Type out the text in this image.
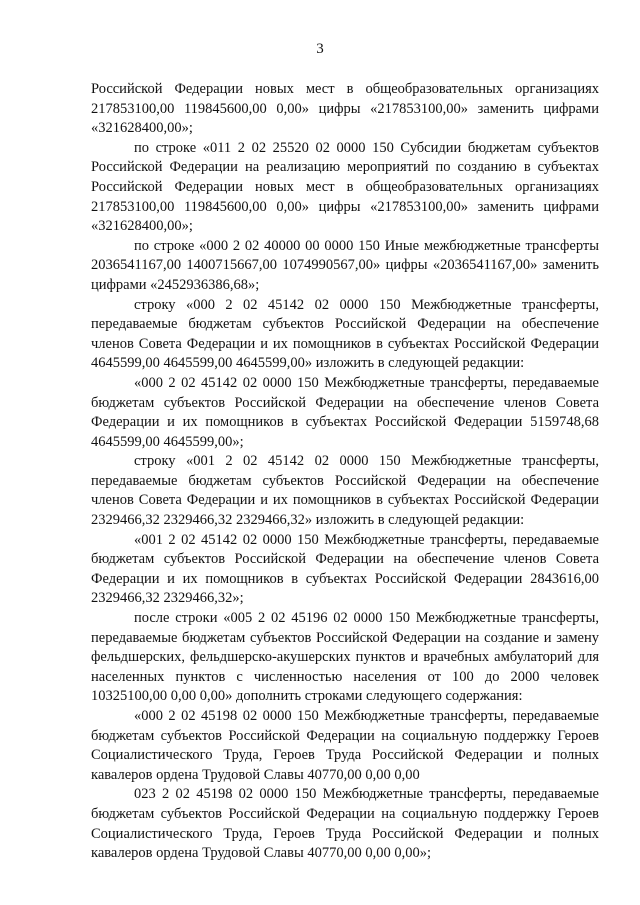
3

Российской Федерации новых мест в общеобразовательных организациях 217853100,00 119845600,00 0,00» цифры «217853100,00» заменить цифрами «321628400,00»;

по строке «011 2 02 25520 02 0000 150 Субсидии бюджетам субъектов Российской Федерации на реализацию мероприятий по созданию в субъектах Российской Федерации новых мест в общеобразовательных организациях 217853100,00 119845600,00 0,00» цифры «217853100,00» заменить цифрами «321628400,00»;

по строке «000 2 02 40000 00 0000 150 Иные межбюджетные трансферты 2036541167,00 1400715667,00 1074990567,00» цифры «2036541167,00» заменить цифрами «2452936386,68»;

строку «000 2 02 45142 02 0000 150 Межбюджетные трансферты, передаваемые бюджетам субъектов Российской Федерации на обеспечение членов Совета Федерации и их помощников в субъектах Российской Федерации 4645599,00 4645599,00 4645599,00» изложить в следующей редакции:

«000 2 02 45142 02 0000 150 Межбюджетные трансферты, передаваемые бюджетам субъектов Российской Федерации на обеспечение членов Совета Федерации и их помощников в субъектах Российской Федерации 5159748,68 4645599,00 4645599,00»;

строку «001 2 02 45142 02 0000 150 Межбюджетные трансферты, передаваемые бюджетам субъектов Российской Федерации на обеспечение членов Совета Федерации и их помощников в субъектах Российской Федерации 2329466,32 2329466,32 2329466,32» изложить в следующей редакции:

«001 2 02 45142 02 0000 150 Межбюджетные трансферты, передаваемые бюджетам субъектов Российской Федерации на обеспечение членов Совета Федерации и их помощников в субъектах Российской Федерации 2843616,00 2329466,32 2329466,32»;

после строки «005 2 02 45196 02 0000 150 Межбюджетные трансферты, передаваемые бюджетам субъектов Российской Федерации на создание и замену фельдшерских, фельдшерско-акушерских пунктов и врачебных амбулаторий для населенных пунктов с численностью населения от 100 до 2000 человек 10325100,00 0,00 0,00» дополнить строками следующего содержания:

«000 2 02 45198 02 0000 150 Межбюджетные трансферты, передаваемые бюджетам субъектов Российской Федерации на социальную поддержку Героев Социалистического Труда, Героев Труда Российской Федерации и полных кавалеров ордена Трудовой Славы 40770,00 0,00 0,00

023 2 02 45198 02 0000 150 Межбюджетные трансферты, передаваемые бюджетам субъектов Российской Федерации на социальную поддержку Героев Социалистического Труда, Героев Труда Российской Федерации и полных кавалеров ордена Трудовой Славы 40770,00 0,00 0,00»;
